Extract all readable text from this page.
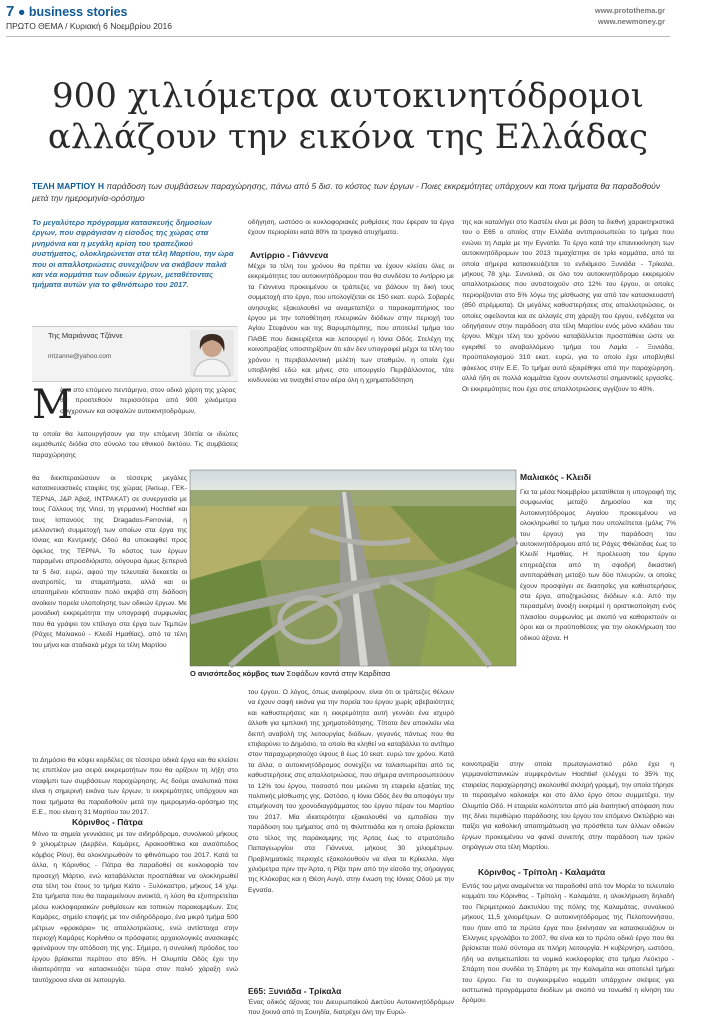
7 ● business stories
ΠΡΩΤΟ ΘΕΜΑ / Κυριακή 6 Νοεμβρίου 2016
www.protothema.gr
www.newmoney.gr
900 χιλιόμετρα αυτοκινητόδρομοι αλλάζουν την εικόνα της Ελλάδας
ΤΕΛΗ ΜΑΡΤΙΟΥ Η παράδοση των συμβάσεων παραχώρησης, πάνω από 5 δισ. το κόστος των έργων - Ποιες εκκρεμότητες υπάρχουν και ποια τμήματα θα παραδοθούν μετά την ημερομηνία-ορόσημο
Το μεγαλύτερο πρόγραμμα κατασκευής δημοσίων έργων, που σφράγισαν η είσοδος της χώρας στα μνημόνια και η μεγάλη κρίση του τραπεζικού συστήματος, ολοκληρώνεται στα τέλη Μαρτίου, την ώρα που οι απαλλοτριώσεις συνεχίζουν να σκάβουν παλιά και νέα κομμάτια των οδικών έργων, μεταθέτοντας τμήματα αυτών για το φθινόπωρο του 2017.
Της Μαριάννας Τζάννε
mtzanne@yahoo.com
Μ
έσα στο επόμενο πεντάμηνο, στον οδικό χάρτη της χώρας θα προστεθούν περισσότερα από 900 χιλιόμετρα σύγχρονων και ασφαλών αυτοκινητοδρόμων,
τα οποία θα λειτουργήσουν για την επόμενη 30ετία οι ιδιώτες εκμισθωτές διόδια στο σύνολο του εθνικού δικτύου. Τις συμβάσεις παραχώρησης
θα διεκπεραιώσουν οι τέσσερις μεγάλες κατασκευαστικές εταιρίες της χώρας (Άκτωρ, ΓΕΚ-ΤΕΡΝΑ, J&P Άβαξ, ΙΝΤΡΑΚΑΤ) σε συνεργασία με τους Γάλλους της Vinci, τη γερμανική Hochtief και τους Ισπανούς της Dragados-Ferrovial, η μελλοντική συμμετοχή των οποίων στα έργα της Ιόνιας και Κεντρικής Οδού θα υποκαφθεί προς όφελος της ΤΕΡΝΑ. Το κόστος των έργων παραμένει απροσδιόριστο, ούγουρα όμως ξεπερνά τα 5 δισ. ευρώ, αφού την τελευταία δεκαετία οι ανατροπές, τα σταματήματα, αλλά και οι απαιτημένοι κόστοσαν πολύ ακριβά στη διάδοση ανοίκειν πορεία υλοποίησης των οδικών έργων. Με μοναδική εκκρεμότητα την υπογραφή συμφωνίας που θα γράψει τον επίλογο στα έργα των Τεμπών (Ράχες Μαλιακού - Κλειδί Ημαθίας), από τα τέλη του μήνα και σταδιακά μέχρι τα τέλη Μαρτίου
το Δημόσιο θα κόψει κορδέλες σε τέσσερα οδικά έργα και θα κλείσει τις επιπλέον μια σειρά εκκρεμοτήτων που θα ορίζουν τη λήξη στο νταφίμπι των συμβάσεων παραχώρησης. Ας δούμε αναλυτικά ποια είναι η σημερινή εικόνα των έργων, τι εκκρεμότητες υπάρχουν και ποια τμήματα θα παραδοθούν μετά την ημερομηνία-ορόσημο της Ε.Ε., που είναι η 31 Μαρτίου του 2017.
Κόρινθος - Πάτρα
Μόνο τα σημεία γεννιάσεις με τον σιδηρόδρομο, συνολικού μήκους 9 χιλιομέτρων (Δερβένι, Καμάρες, Αρακοσθίτικα και ανισόπεδος κόμβος Ρίου), θα ολοκληρωθούν το φθινόπωρο του 2017. Κατά τα άλλα, η Κόρινθος - Πάτρα θα παραδοθεί σε κυκλοφορία τον προσεχή Μάρτιο, ενώ καταβάλλεται προσπάθεια να ολοκληρωθεί στα τέλη του έτους το τμήμα Κιάτο - Ξυλόκαστρο, μήκους 14 χλμ. Στα τμήματα που θα παραμείνουν ανοικτά, η λύση θα εξυπηρετείται μέσω κυκλοφοριακών ρυθμίσεων και τοπικών παρακαμψέων. Στις Καμάρες, σημείο επαφής με τον σιδηρόδρομο, ένα μικρό τμήμα 500 μέτρων «φρακάρει» τις απαλλοτριώσεις, ενώ αντίστοιχα στην περιοχή Καμάρες Κορίνθου οι πρόσφατες αρχαιολογικές ανασκαφές φρενάρουν την απόδοση της γης. Σήμερα, η συνολική πρόοδος του έργου βρίσκεται περίπου στο 85%. Η Ολυμπία Οδός έχει την ιδιαιτερότητα να κατασκευάζει τώρα στον παλιό χάραξη ενώ ταυτόχρονα είναι σε λειτουργία.
οδήγηση, ωστόσο οι κυκλοφοριακές ρυθμίσεις που έφεραν τα έργα έχουν περιορίσει κατά 80% τα τραγικά ατυχήματα.
Αντίρριο - Γιάννενα
Μέχρι τα τέλη του χρόνου θα πρέπει να έχουν κλείσει όλες οι εκκρεμότητες του αυτοκινητόδρομου που θα συνδέσει το Αντίρριο με τα Γιάννενα προκειμένου οι τράπεζες να βάλουν τη δική τους συμμετοχή στο έργο, που υπολογίζεται σε 150 εκατ. ευρώ. Σοβαρές ανησυχίες εξακολουθεί να αναμεταπίζει ο παρακαμπτήριος του έργου με την τοποθέτηση πλευρικών διόδιων στην περιοχή του Αγίου Στεφάνου και της Βαρυμπόμπης, που αποτελεί τμήμα του ΠΑΘΕ που διακειρίζεται και λειτουργεί η Ιόνια Οδός. Στελέχη της κοινοπραξίας υποστηρίζουν ότι εάν δεν υπογραφεί μέχρι τα τέλη του χρόνου η περιβαλλοντική μελέτη των σταθμών, η οποία έχει υποβληθεί εδώ και μήνες στο υπουργείο Περιβάλλοντος, τότε κινδυνεύει να τιναχθεί στον αέρα όλη η χρηματοδότηση
της και καταλήγει στο Καστέλι είναι με βάση τα διεθνή χαρακτηριστικά του ο Ε65 ο οποίος στην Ελλάδα αντιπροσωπεύει το τμήμα που ενώνει τη Λαμία με την Εγνατία. Το έργο κατά την επανεκκίνηση των αυτοκινητόδρομων του 2013 τεμαχίστηκε σε τρία κομμάτια, από τα οποία σήμερα κατασκευάζεται το ενδιάμεσο Ξυνιάδα - Τρίκαλα, μήκους 78 χλμ. Συνολικά, σε όλο τον αυτοκινητόδρομο εκκρεμούν απαλλοτριώσεις που αντιστοιχούν στο 12% του έργου, οι οποίες περιορίζονται στο 5% λόγω της μίσθωσης για από τον κατασκευαστή (850 στρέμματα). Οι μεγάλες καθυστερήσεις στις απαλλοτριώσεις, οι οποίες οφείλονται και σε αλλαγές στη χάραξη του έργου, ενδέχεται να οδηγήσουν στην παράδοση στα τέλη Μαρτίου ενός μόνο κλάδου του έργου. Μέχρι τέλη του χρόνου καταβάλλεται προσπάθεια ώστε να εγκριθεί το αναβαλλόμενο τμήμα του Λαμία - Ξυνιάδα, προϋπολογισμού 310 εκατ. ευρώ, για το οποίο έχει υποβληθεί φάκελος στην Ε.Ε. Το τμήμα αυτό εξαιρέθηκε από την παραχώρηση, αλλά ήδη σε πολλά κομμάτια έχουν συντελεστεί σημαντικές εργασίες. Οι εκκρεμότητες που έχει στις απαλλοτριώσεις αγγίζουν το 40%.
Ο ανισόπεδος κόμβος των Σοφάδων κοντά στην Καρδίτσα
Μαλιακός - Κλειδί
Για τα μέσα Νοεμβρίου μετατίθεται η υπογραφή της συμφωνίας μεταξύ Δημοσίου και της Αυτοκινητόδρομος Αιγαίου προκειμένου να ολοκληρωθεί το τμήμα που υπολείπεται (μόλις 7% του έργου) για την παράδοση του αυτοκινητόδρομου από τις Ράχες Φθιώτιδας έως το Κλειδί Ημαθίας. Η προέλευση του έργου επηρεάζεται από τη σφοδρή δικαστική αντιπαράθεση μεταξύ των δύο πλευρών, οι οποίες έχουν προσφύγει σε διαιτησίες για καθυστερήσεις στα έργα, αποζημιώσεις διόδιων κ.ά. Από την περασμένη άνοιξη εκκρεμεί η οριστικοποίηση ενός πλαισίου συμφωνίας με σκοπό να καθοριστούν οι όροι και οι προϋποθέσεις για την ολοκλήρωση του οδικού άξονα. Η
κοινοπραξία στην οποία πρωταγωνιστικό ρόλο έχει η γερμανοϊσπανικών συμφερόντων Hochtief (ελέγχει το 35% της εταιρείας παραχώρησης) ακολουθεί σκληρή γραμμή, την οποία τήρησε το περασμένο καλοκαίρι και στο άλλο έργο όπου συμμετέχει, την Ολυμπία Οδό. Η εταιρεία καλύπτεται από μία διαιτητική απόφαση που της δίνει περιθώριο παράδοσης του έργου τον επόμενο Οκτώβριο και παίζει για καθολική απαιτημάτωση για πρόσθετα των άλλων οδικών έργων προκειμένου να φανεί συνεπής στην παράδοση των τριών σηράγγων στα τέλη Μαρτίου.
Κόρινθος - Τρίπολη - Καλαμάτα
Εντός του μήνα αναμένεται να παραδοθεί από τον Μορέα το τελευταίο κομμάτι του Κόρινθος - Τρίπολη - Καλαμάτα, η ολοκλήρωση δηλαδή του Περιμετρικού Δακτυλίου της πόλης της Καλαμάτας, συνολικού μήκους 11,5 χιλιομέτρων. Ο αυτοκινητόδρομος της Πελοποννήσου, που ήταν από τα πρώτα έργα που ξεκίνησαν να κατασκευάζουν οι Έλληνες εργολάβοι το 2007, θα είναι και το πρώτο οδικό έργο που θα βρίσκεται πολύ σύντομα σε πλήρη λειτουργία. Η κυβέρνηση, ωστόσο, ήδη να αντιμετωπίσει τα νομικά κυκλοφορίας στο τμήμα Λεύκτρο - Σπάρτη που συνδέει τη Σπάρτη με την Καλαμάτα και αποτελεί τμήμα του έργου. Για το συγκεκριμένο κομμάτι υπάρχουν σκέψεις για εκπτωτικά προγράμματα διοδίων με σκοπό να τονωθεί η κίνηση του δρόμου.
του έργου. Ο λόγος, όπως αναφέρουν, είναι ότι οι τράπεζες θέλουν να έχουν σαφή εικόνα για την πορεία του έργου χωρίς αβεβαιότητες και καθυστερήσεις και η εκκρεμότητα αυτή γεννάει ένα ισχυρό άλλοθι για εμπλοκή της χρηματοδότησης. Τίποτα δεν αποκλείει νέα διεπή αναβολή της λειτουργίας διόδιων, γεγονός πάντως που θα επιβαρύνει το Δημόσιο, το οποίο θα κληθεί να καταβάλλει το αντίτιμο στον παραχωρησιούχο ύψους 8 έως 10 εκατ. ευρώ τον χρόνο. Κατά τα άλλα, ο αυτοκινητόδρομος συνεχίζει να ταλαιπωρείται από τις καθυστερήσεις στις απαλλοτριώσεις, που σήμερα αντιπροσωπεύουν το 12% του έργου, ποσοστό που μειώνει τη εταιρεία εξαιτίας της πολιτικής μίσθωσης γης. Ωστόσο, η Ιόνια Οδός δεν θα αποφύγει την επιμήκυνση του χρονοδιαγράμματος του έργου πέραν του Μαρτίου του 2017. Μία ιδιαιτερότητα εξακολουθεί να εμποδίσει την παράδοση του τμήματος από τη Φιλιππιάδα και η οποία βρίσκεται στο τέλος της παράκαμψης της Άρτας έως το στρατόπεδο Παπαγεωργίου στα Γιάννενα, μήκους 30 χιλιομέτρων. Προβληματικές περιοχές εξακολουθούν να είναι το Κρίκελλο, λίγα χιλιόμετρα πριν την Άρτα, η Ρίζα πριν από την είσοδο της σήραγγας της Κλόκοβας και η Θέση Αυγό, στην ένωση της Ιόνιας Οδού με την Εγνατία.
Ε65: Ξυνιάδα - Τρίκαλα
Ένας οδικός άξονας του Διευρωπαϊκού Δικτύου Αυτοκινητόδρόμων που ξεκινά από τη Σουηδία, διατρέχει όλη την Ευρώ-
